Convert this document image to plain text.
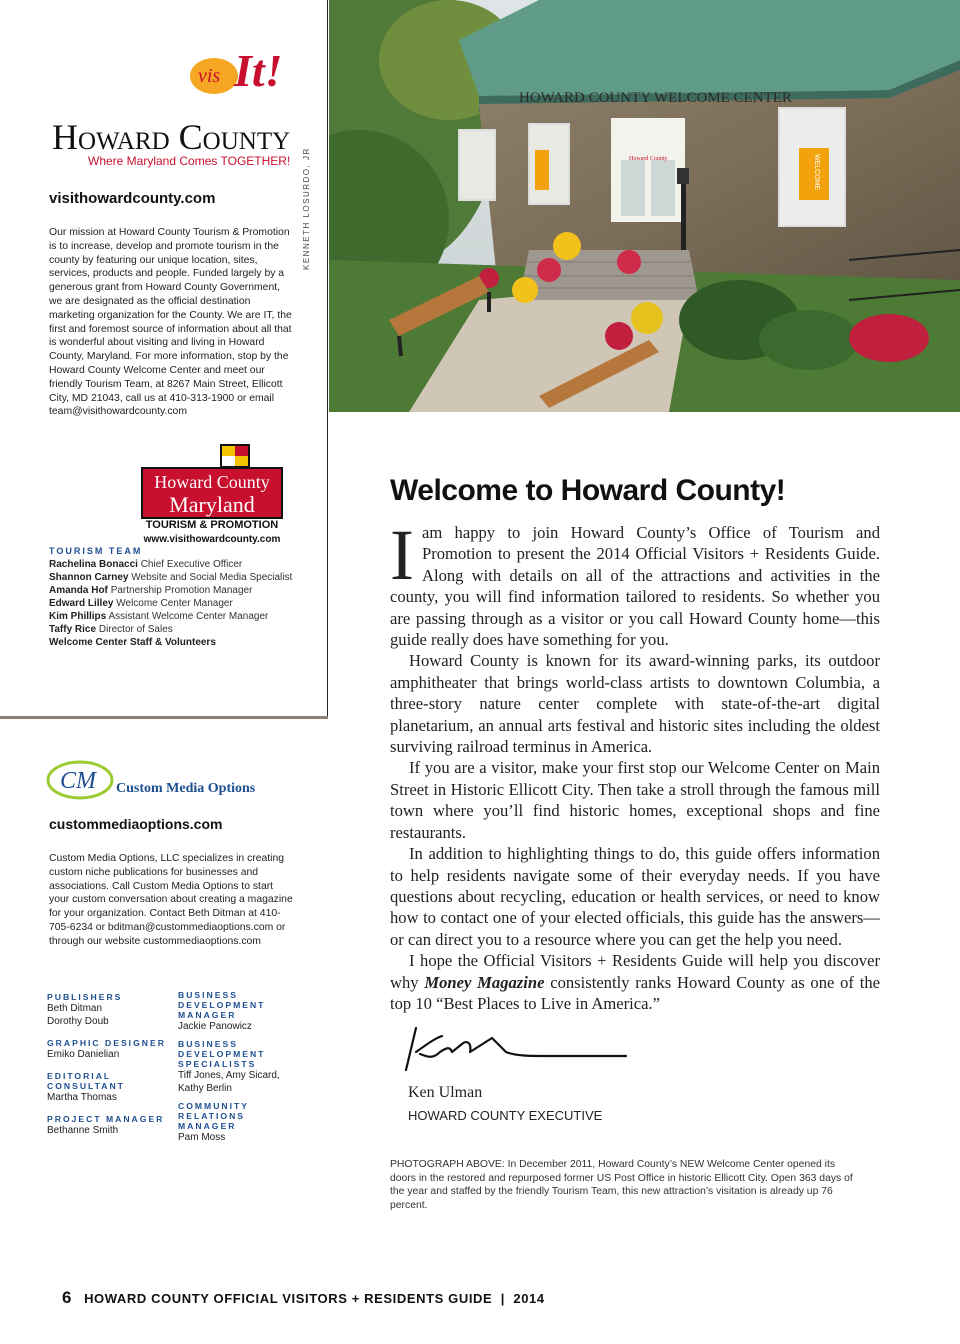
vis It!
Howard County
Where Maryland Comes TOGETHER!
visithowardcounty.com
Our mission at Howard County Tourism & Promotion is to increase, develop and promote tourism in the county by featuring our unique location, sites, services, products and people. Funded largely by a generous grant from Howard County Government, we are designated as the official destination marketing organization for the County. We are IT, the first and foremost source of information about all that is wonderful about visiting and living in Howard County, Maryland. For more information, stop by the Howard County Welcome Center and meet our friendly Tourism Team, at 8267 Main Street, Ellicott City, MD 21043, call us at 410-313-1900 or email team@visithowardcounty.com
Howard County
Maryland
TOURISM & PROMOTION
www.visithowardcounty.com
TOURISM TEAM
Rachelina Bonacci Chief Executive Officer
Shannon Carney Website and Social Media Specialist
Amanda Hof Partnership Promotion Manager
Edward Lilley Welcome Center Manager
Kim Phillips Assistant Welcome Center Manager
Taffy Rice Director of Sales
Welcome Center Staff & Volunteers
CM Custom Media Options
custommediaoptions.com
Custom Media Options, LLC specializes in creating custom niche publications for businesses and associations. Call Custom Media Options to start your custom conversation about creating a magazine for your organization. Contact Beth Ditman at 410-705-6234 or bditman@custommediaoptions.com or through our website custommediaoptions.com
PUBLISHERS
Beth Ditman
Dorothy Doub
GRAPHIC DESIGNER
Emiko Danielian
EDITORIAL CONSULTANT
Martha Thomas
PROJECT MANAGER
Bethanne Smith
BUSINESS DEVELOPMENT MANAGER
Jackie Panowicz
BUSINESS DEVELOPMENT SPECIALISTS
Tiff Jones, Amy Sicard,
Kathy Berlin
COMMUNITY RELATIONS MANAGER
Pam Moss
KENNETH LOSURDO, JR
HOWARD COUNTY WELCOME CENTER
Howard County	WELCOME
Welcome to Howard County!

Iam happy to join Howard County’s Office of Tourism and Promotion to present the 2014 Official Visitors + Residents Guide. Along with details on all of the attractions and activities in the county, you will find information tailored to residents. So whether you are passing through as a visitor or you call Howard County home—this guide really does have something for you.

Howard County is known for its award-winning parks, its outdoor amphitheater that brings world-class artists to downtown Columbia, a three-story nature center complete with state-of-the-art digital planetarium, an annual arts festival and historic sites including the oldest surviving railroad terminus in America.

If you are a visitor, make your first stop our Welcome Center on Main Street in Historic Ellicott City. Then take a stroll through the famous mill town where you’ll find historic homes, exceptional shops and fine restaurants.

In addition to highlighting things to do, this guide offers information to help residents navigate some of their everyday needs. If you have questions about recycling, education or health services, or need to know how to contact one of your elected officials, this guide has the answers—or can direct you to a resource where you can get the help you need.

I hope the Official Visitors + Residents Guide will help you discover why Money Magazine consistently ranks Howard County as one of the top 10 “Best Places to Live in America.”

Ken Ulman
HOWARD COUNTY EXECUTIVE
PHOTOGRAPH ABOVE: In December 2011, Howard County’s NEW Welcome Center opened its doors in the restored and repurposed former US Post Office in historic Ellicott City. Open 363 days of the year and staffed by the friendly Tourism Team, this new attraction’s visitation is already up 76 percent.
6 HOWARD COUNTY OFFICIAL VISITORS + RESIDENTS GUIDE  |  2014
